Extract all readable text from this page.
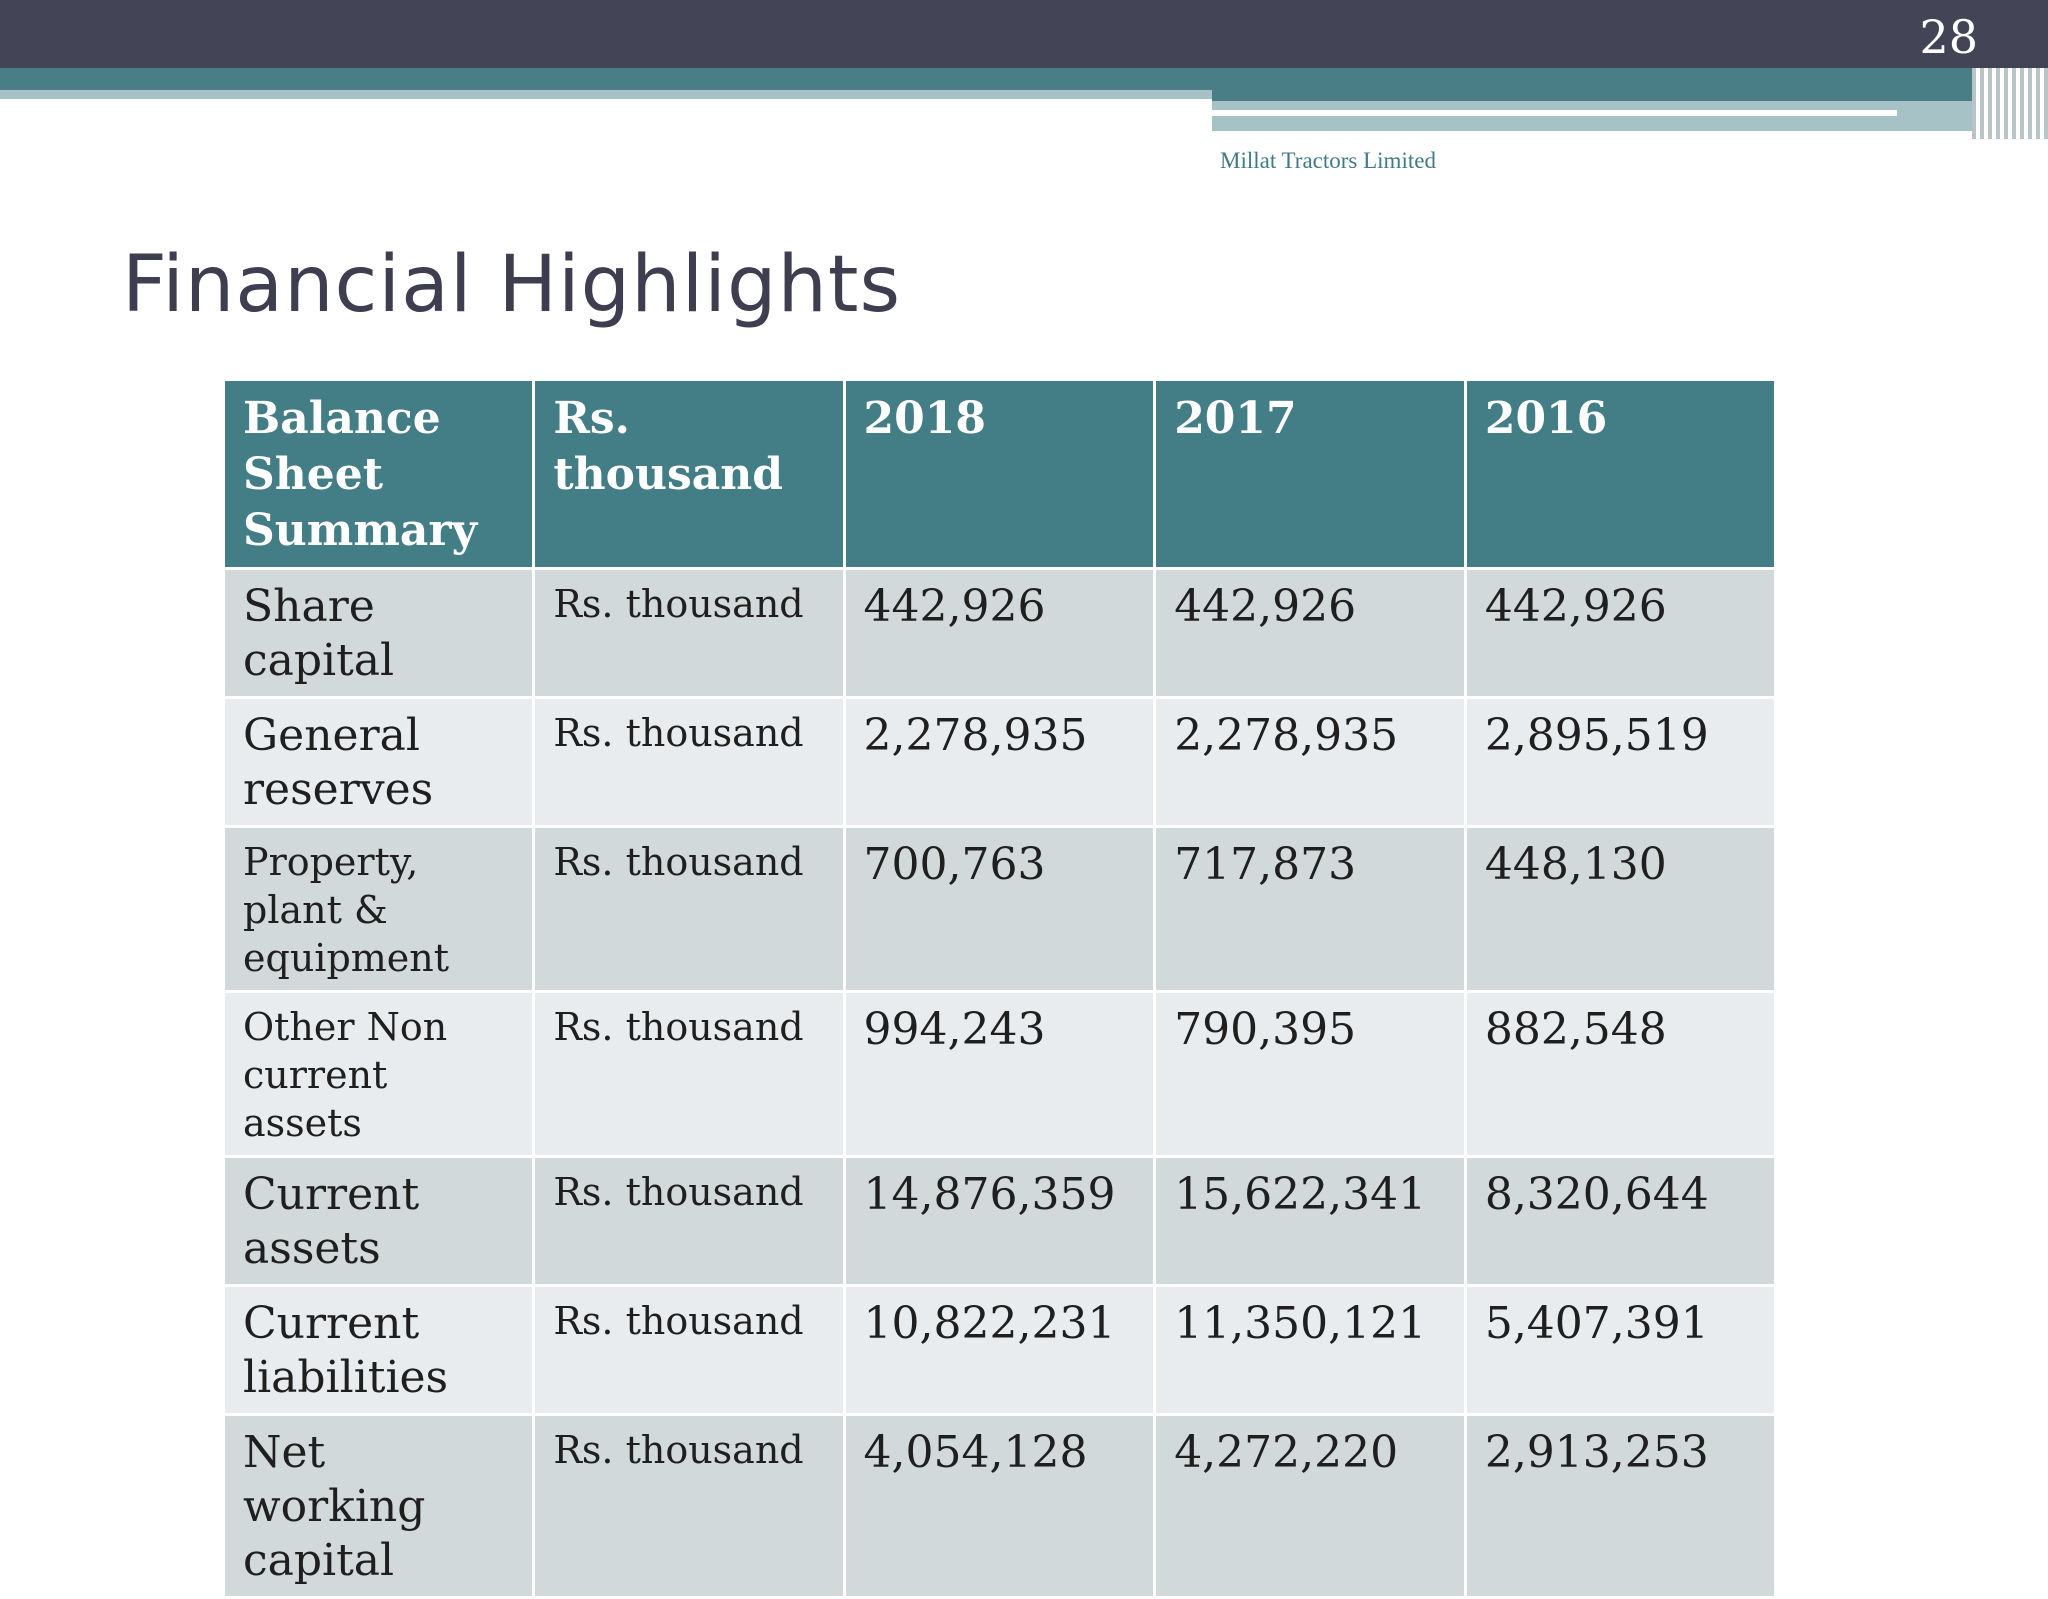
28
Millat Tractors Limited
Financial Highlights
Balance Sheet Summary	Rs. thousand	2018	2017	2016
Share capital	Rs. thousand	442,926	442,926	442,926
General reserves	Rs. thousand	2,278,935	2,278,935	2,895,519
Property, plant & equipment	Rs. thousand	700,763	717,873	448,130
Other Non current assets	Rs. thousand	994,243	790,395	882,548
Current assets	Rs. thousand	14,876,359	15,622,341	8,320,644
Current liabilities	Rs. thousand	10,822,231	11,350,121	5,407,391
Net working capital	Rs. thousand	4,054,128	4,272,220	2,913,253
